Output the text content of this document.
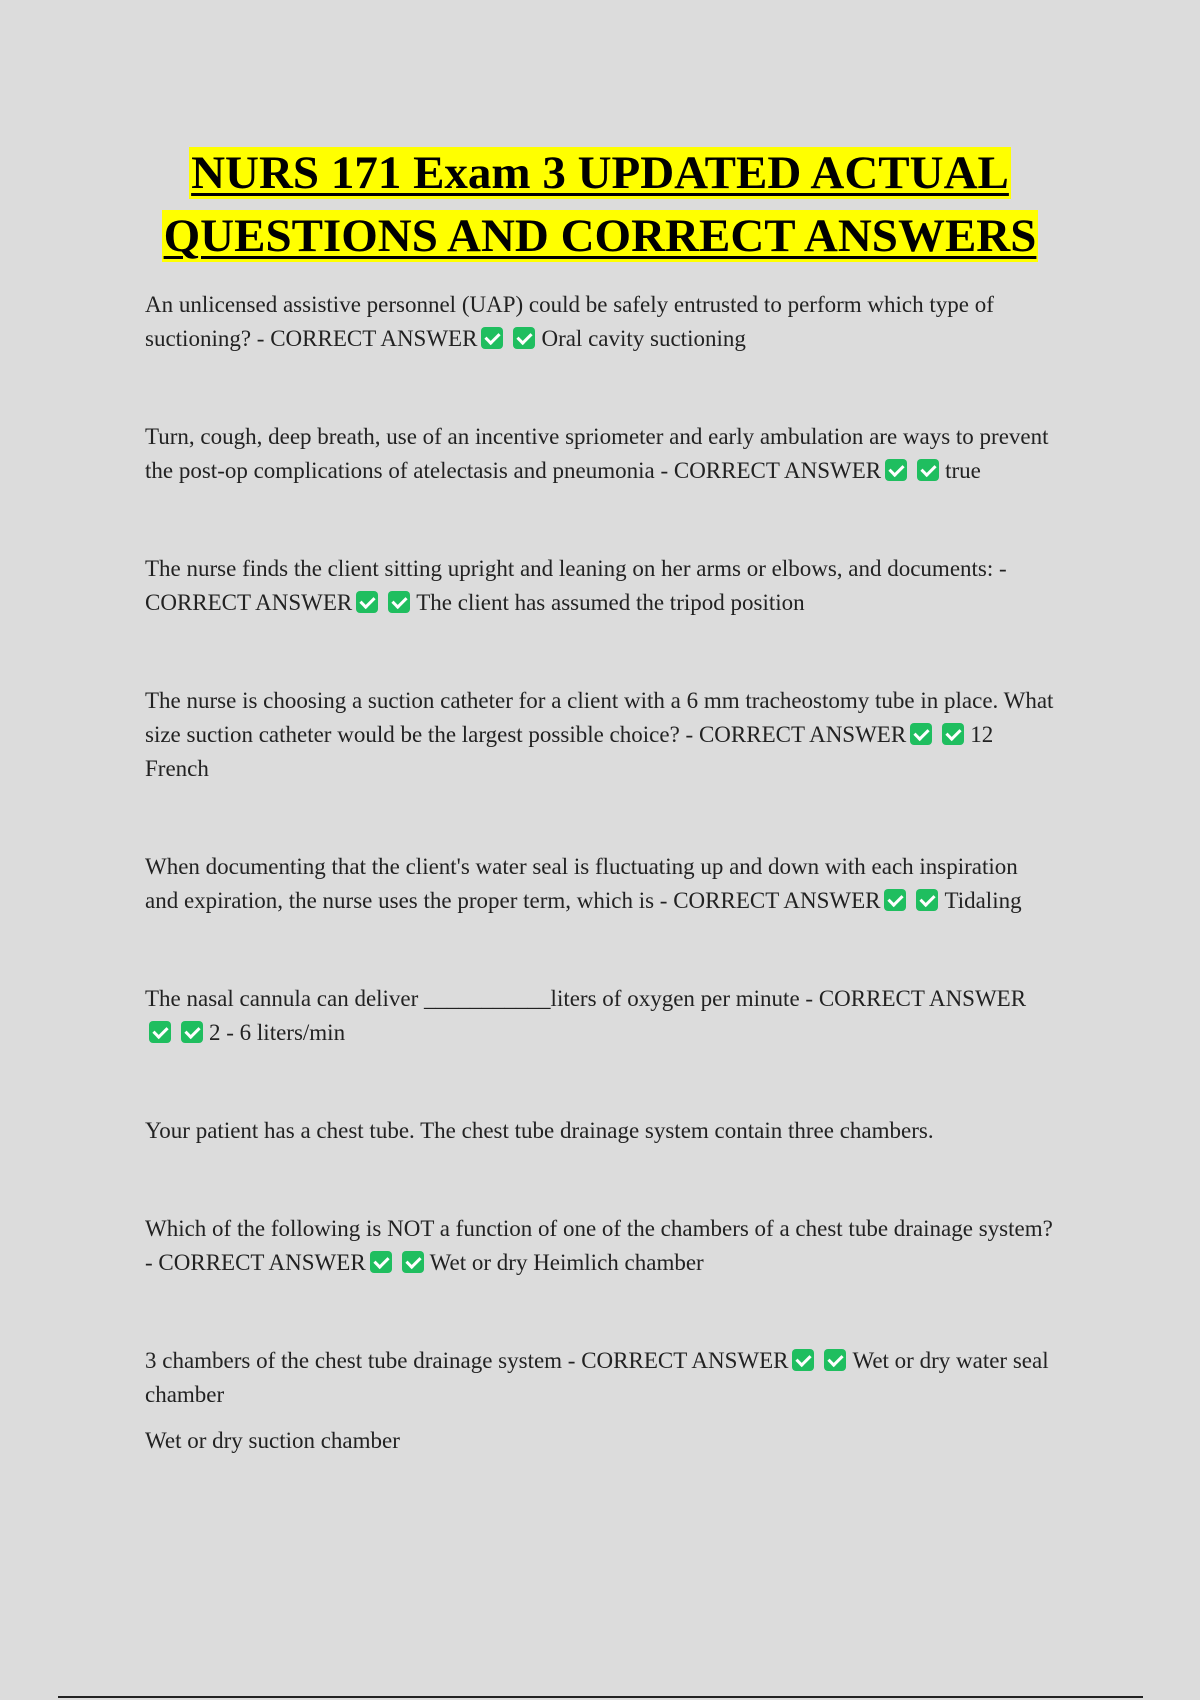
NURS 171 Exam 3 UPDATED ACTUAL
QUESTIONS AND CORRECT ANSWERS

An unlicensed assistive personnel (UAP) could be safely entrusted to perform which type of suctioning? - CORRECT ANSWER	Oral cavity suctioning

Turn, cough, deep breath, use of an incentive spriometer and early ambulation are ways to prevent the post-op complications of atelectasis and pneumonia - CORRECT ANSWER	true

The nurse finds the client sitting upright and leaning on her arms or elbows, and documents: - CORRECT ANSWER	The client has assumed the tripod position

The nurse is choosing a suction catheter for a client with a 6 mm tracheostomy tube in place. What size suction catheter would be the largest possible choice? - CORRECT ANSWER	12 French

When documenting that the client's water seal is fluctuating up and down with each inspiration and expiration, the nurse uses the proper term, which is - CORRECT ANSWER	Tidaling

The nasal cannula can deliver ___________liters of oxygen per minute - CORRECT ANSWER2 - 6 liters/min

Your patient has a chest tube. The chest tube drainage system contain three chambers.

Which of the following is NOT a function of one of the chambers of a chest tube drainage system? - CORRECT ANSWER	Wet or dry Heimlich chamber

3 chambers of the chest tube drainage system - CORRECT ANSWER	Wet or dry water seal chamber

Wet or dry suction chamber
